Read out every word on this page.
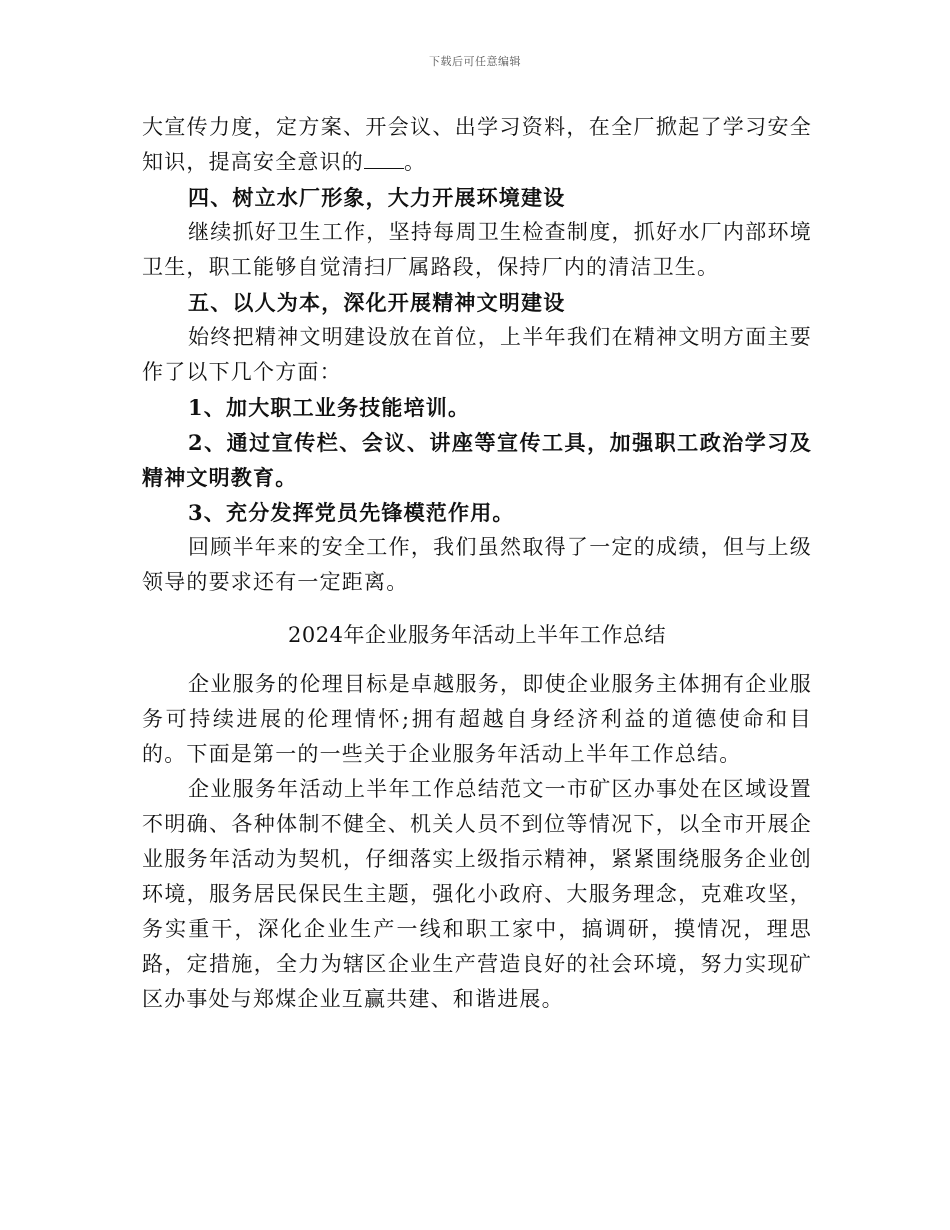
下载后可任意编辑

大宣传力度，定方案、开会议、出学习资料，在全厂掀起了学习安全知识，提高安全意识的 。

四、树立水厂形象，大力开展环境建设

继续抓好卫生工作，坚持每周卫生检查制度，抓好水厂内部环境卫生，职工能够自觉清扫厂属路段，保持厂内的清洁卫生。

五、以人为本，深化开展精神文明建设

始终把精神文明建设放在首位，上半年我们在精神文明方面主要作了以下几个方面：

1、加大职工业务技能培训。

2、通过宣传栏、会议、讲座等宣传工具，加强职工政治学习及精神文明教育。

3、充分发挥党员先锋模范作用。

回顾半年来的安全工作，我们虽然取得了一定的成绩，但与上级领导的要求还有一定距离。

2024年企业服务年活动上半年工作总结

企业服务的伦理目标是卓越服务，即使企业服务主体拥有企业服务可持续进展的伦理情怀;拥有超越自身经济利益的道德使命和目的。下面是第一的一些关于企业服务年活动上半年工作总结。

企业服务年活动上半年工作总结范文一市矿区办事处在区域设置不明确、各种体制不健全、机关人员不到位等情况下，以全市开展企业服务年活动为契机，仔细落实上级指示精神，紧紧围绕服务企业创环境，服务居民保民生主题，强化小政府、大服务理念，克难攻坚，务实重干，深化企业生产一线和职工家中，搞调研，摸情况，理思路，定措施，全力为辖区企业生产营造良好的社会环境，努力实现矿区办事处与郑煤企业互赢共建、和谐进展。
